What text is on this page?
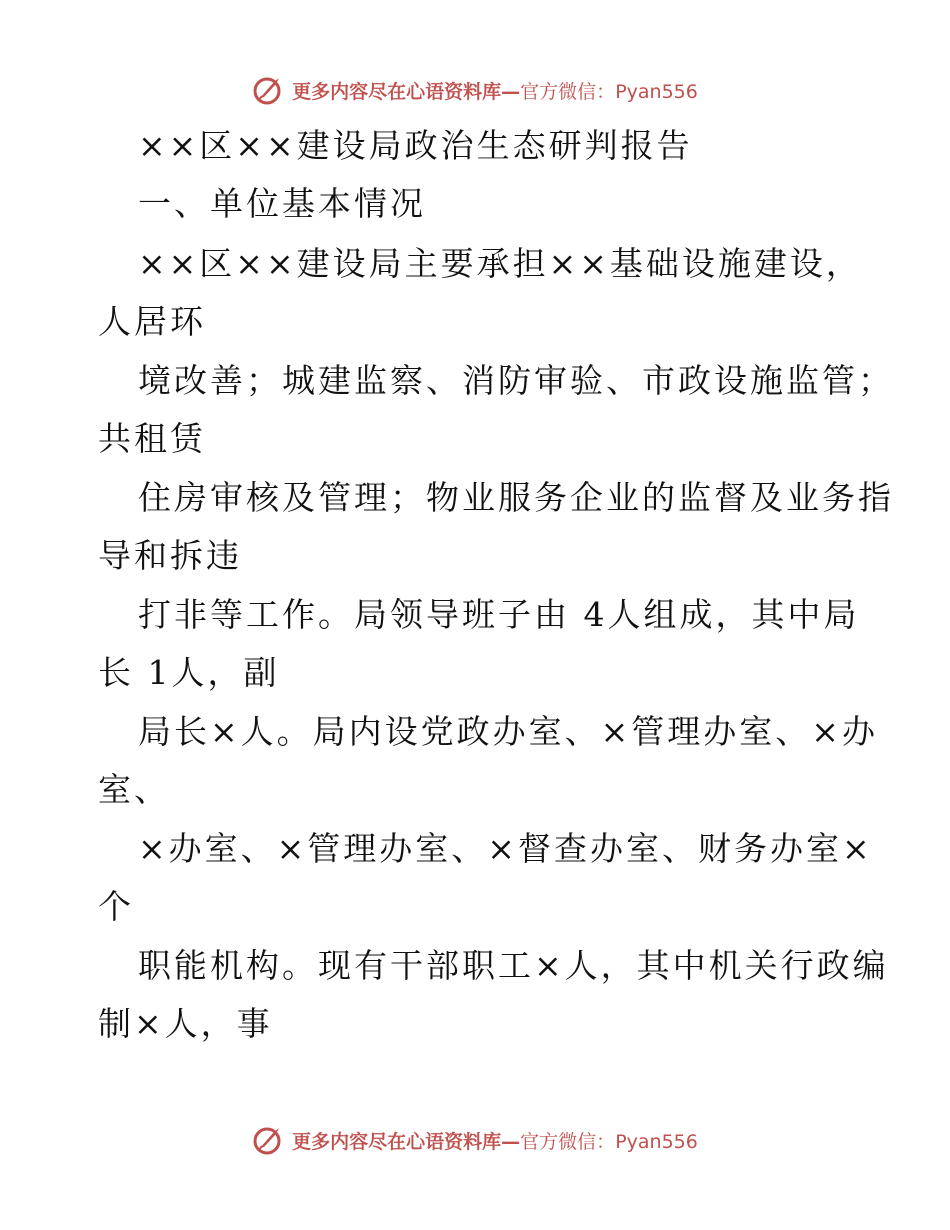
更多内容尽在心语资料库—官方微信：Pyan556
××区××建设局政治生态研判报告
一、单位基本情况
××区××建设局主要承担××基础设施建设，
人居环
境改善；城建监察、消防审验、市政设施监管；
共租赁
住房审核及管理；物业服务企业的监督及业务指
导和拆违
打非等工作。局领导班子由 4人组成，其中局
长 1人，副
局长×人。局内设党政办室、×管理办室、×办
室、
×办室、×管理办室、×督查办室、财务办室×
个
职能机构。现有干部职工×人，其中机关行政编
制×人，事
更多内容尽在心语资料库—官方微信：Pyan556
